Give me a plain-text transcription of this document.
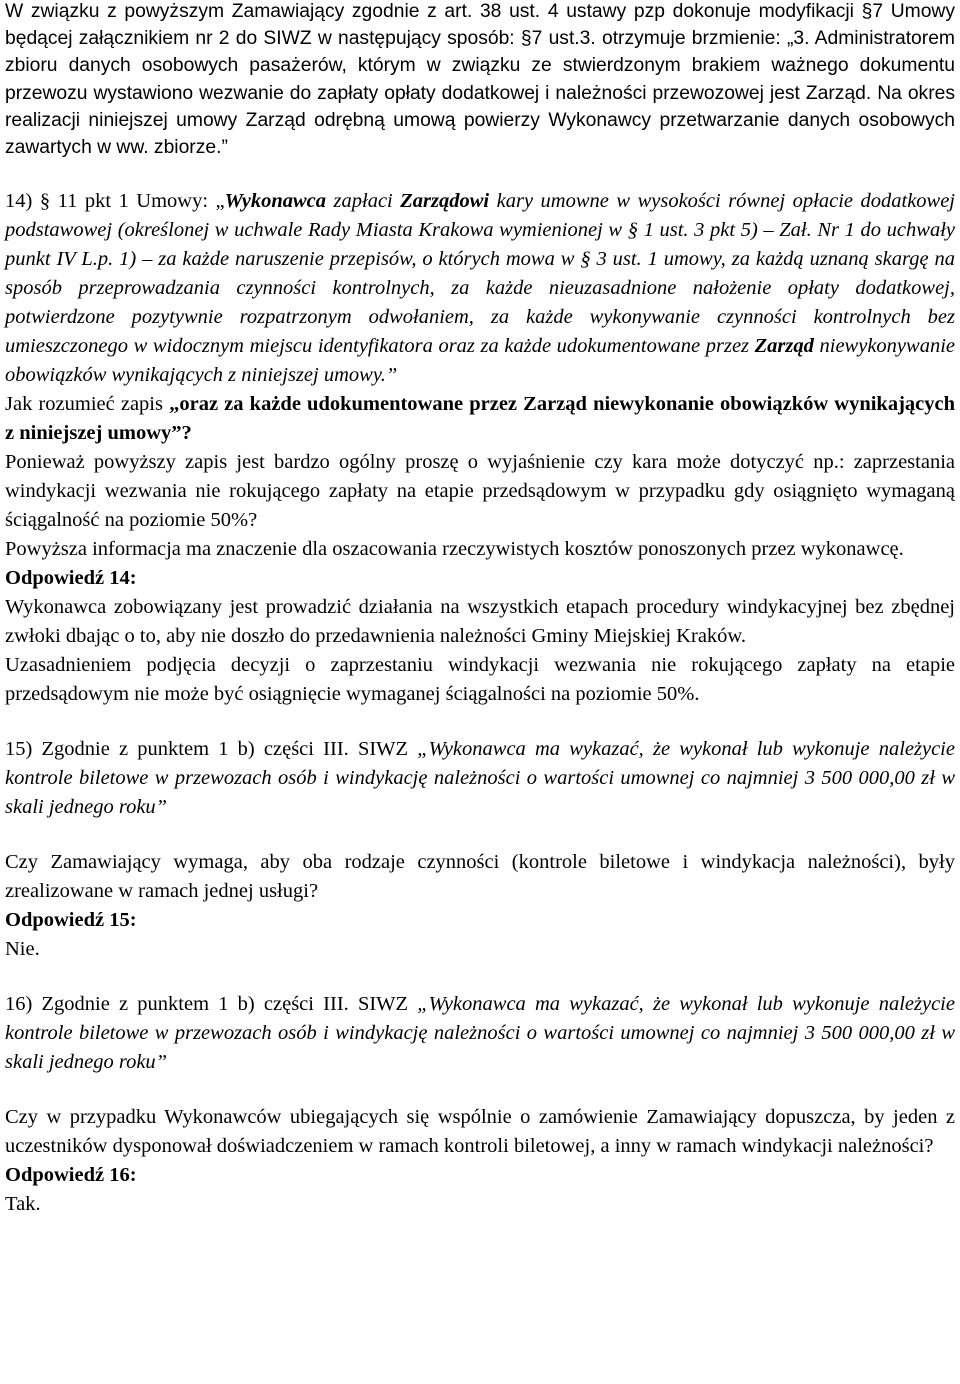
W związku z powyższym Zamawiający zgodnie z art. 38 ust. 4 ustawy pzp dokonuje modyfikacji §7 Umowy będącej załącznikiem nr 2 do SIWZ w następujący sposób: §7 ust.3. otrzymuje brzmienie: „3. Administratorem zbioru danych osobowych pasażerów, którym w związku ze stwierdzonym brakiem ważnego dokumentu przewozu wystawiono wezwanie do zapłaty opłaty dodatkowej i należności przewozowej jest Zarząd. Na okres realizacji niniejszej umowy Zarząd odrębną umową powierzy Wykonawcy przetwarzanie danych osobowych zawartych w ww. zbiorze.”

14) § 11 pkt 1 Umowy: „Wykonawca zapłaci Zarządowi kary umowne w wysokości równej opłacie dodatkowej podstawowej (określonej w uchwale Rady Miasta Krakowa wymienionej w § 1 ust. 3 pkt 5) – Zał. Nr 1 do uchwały punkt IV L.p. 1) – za każde naruszenie przepisów, o których mowa w § 3 ust. 1 umowy, za każdą uznaną skargę na sposób przeprowadzania czynności kontrolnych, za każde nieuzasadnione nałożenie opłaty dodatkowej, potwierdzone pozytywnie rozpatrzonym odwołaniem, za każde wykonywanie czynności kontrolnych bez umieszczonego w widocznym miejscu identyfikatora oraz za każde udokumentowane przez Zarząd niewykonywanie obowiązków wynikających z niniejszej umowy.”

Jak rozumieć zapis „oraz za każde udokumentowane przez Zarząd niewykonanie obowiązków wynikających z niniejszej umowy”?

Ponieważ powyższy zapis jest bardzo ogólny proszę o wyjaśnienie czy kara może dotyczyć np.: zaprzestania windykacji wezwania nie rokującego zapłaty na etapie przedsądowym w przypadku gdy osiągnięto wymaganą ściągalność na poziomie 50%?

Powyższa informacja ma znaczenie dla oszacowania rzeczywistych kosztów ponoszonych przez wykonawcę.

Odpowiedź 14:

Wykonawca zobowiązany jest prowadzić działania na wszystkich etapach procedury windykacyjnej bez zbędnej zwłoki dbając o to, aby nie doszło do przedawnienia należności Gminy Miejskiej Kraków.

Uzasadnieniem podjęcia decyzji o zaprzestaniu windykacji wezwania nie rokującego zapłaty na etapie przedsądowym nie może być osiągnięcie wymaganej ściągalności na poziomie 50%.

15) Zgodnie z punktem 1 b) części III. SIWZ „Wykonawca ma wykazać, że wykonał lub wykonuje należycie kontrole biletowe w przewozach osób i windykację należności o wartości umownej co najmniej 3 500 000,00 zł w skali jednego roku”

Czy Zamawiający wymaga, aby oba rodzaje czynności (kontrole biletowe i windykacja należności), były zrealizowane w ramach jednej usługi?

Odpowiedź 15:

Nie.

16) Zgodnie z punktem 1 b) części III. SIWZ „Wykonawca ma wykazać, że wykonał lub wykonuje należycie kontrole biletowe w przewozach osób i windykację należności o wartości umownej co najmniej 3 500 000,00 zł w skali jednego roku”

Czy w przypadku Wykonawców ubiegających się wspólnie o zamówienie Zamawiający dopuszcza, by jeden z uczestników dysponował doświadczeniem w ramach kontroli biletowej, a inny w ramach windykacji należności?

Odpowiedź 16:

Tak.
